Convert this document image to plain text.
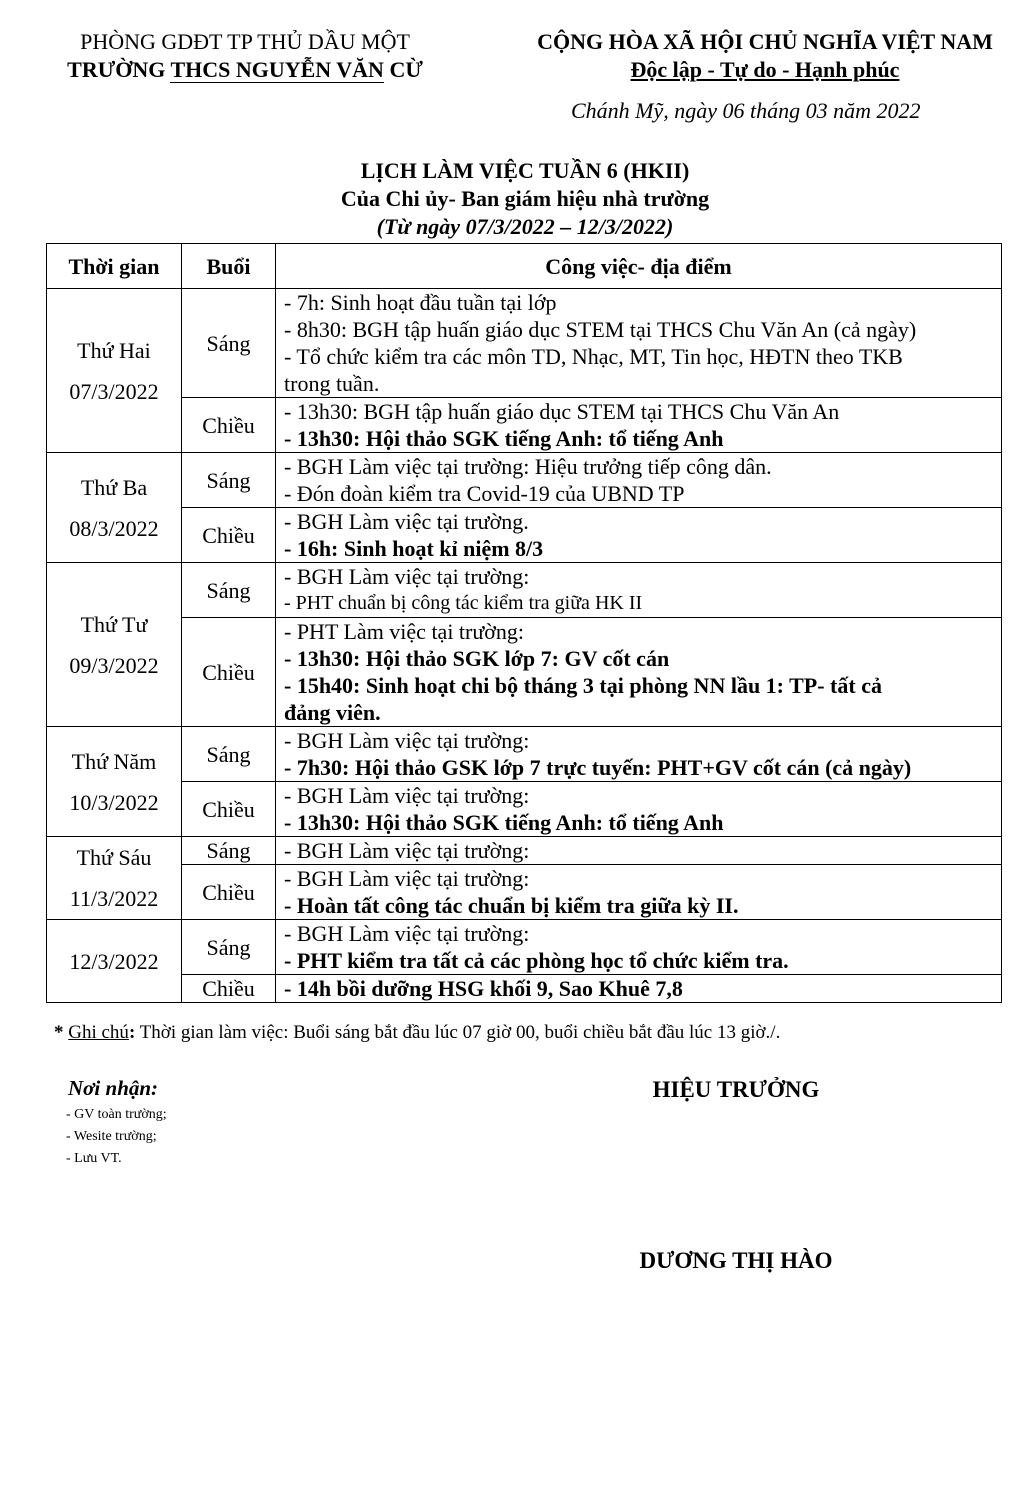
PHÒNG GDĐT TP THỦ DẦU MỘT
TRƯỜNG THCS NGUYỄN VĂN CỪ
CỘNG HÒA XÃ HỘI CHỦ NGHĨA VIỆT NAM
Độc lập - Tự do - Hạnh phúc
Chánh Mỹ, ngày 06 tháng 03 năm 2022
LỊCH LÀM VIỆC TUẦN 6 (HKII)
Của Chi ủy- Ban giám hiệu nhà trường
(Từ ngày 07/3/2022 – 12/3/2022)
Thời gian	Buổi	Công việc- địa điểm

Thứ Hai
07/3/2022	Sáng	- 7h: Sinh hoạt đầu tuần tại lớp
- 8h30: BGH tập huấn giáo dục STEM tại THCS Chu Văn An (cả ngày)
- Tổ chức kiểm tra các môn TD, Nhạc, MT, Tin học, HĐTN theo TKB
trong tuần.

	Chiều	- 13h30: BGH tập huấn giáo dục STEM tại THCS Chu Văn An
- 13h30: Hội thảo SGK tiếng Anh: tổ tiếng Anh

Thứ Ba
08/3/2022	Sáng	- BGH Làm việc tại trường: Hiệu trưởng tiếp công dân.
- Đón đoàn kiểm tra Covid-19 của UBND TP

	Chiều	- BGH Làm việc tại trường.
- 16h: Sinh hoạt kỉ niệm 8/3

Thứ Tư
09/3/2022	Sáng	- BGH Làm việc tại trường:
- PHT chuẩn bị công tác kiểm tra giữa HK II

	Chiều	- PHT Làm việc tại trường:
- 13h30: Hội thảo SGK lớp 7: GV cốt cán
- 15h40: Sinh hoạt chi bộ tháng 3 tại phòng NN lầu 1: TP- tất cả
đảng viên.

Thứ Năm
10/3/2022	Sáng	- BGH Làm việc tại trường:
- 7h30: Hội thảo GSK lớp 7 trực tuyến: PHT+GV cốt cán (cả ngày)

	Chiều	- BGH Làm việc tại trường:
- 13h30: Hội thảo SGK tiếng Anh: tổ tiếng Anh

Thứ Sáu
11/3/2022	Sáng	- BGH Làm việc tại trường:

	Chiều	- BGH Làm việc tại trường:
- Hoàn tất công tác chuẩn bị kiểm tra giữa kỳ II.

12/3/2022	Sáng	- BGH Làm việc tại trường:
- PHT kiểm tra tất cả các phòng học tổ chức kiểm tra.

	Chiều	- 14h bồi dưỡng HSG khối 9, Sao Khuê 7,8
* Ghi chú: Thời gian làm việc: Buổi sáng bắt đầu lúc 07 giờ 00, buổi chiều bắt đầu lúc 13 giờ./.
Nơi nhận:
- GV toàn trường;
- Wesite trường;
- Lưu VT.
HIỆU TRƯỞNG
DƯƠNG THỊ HÀO
